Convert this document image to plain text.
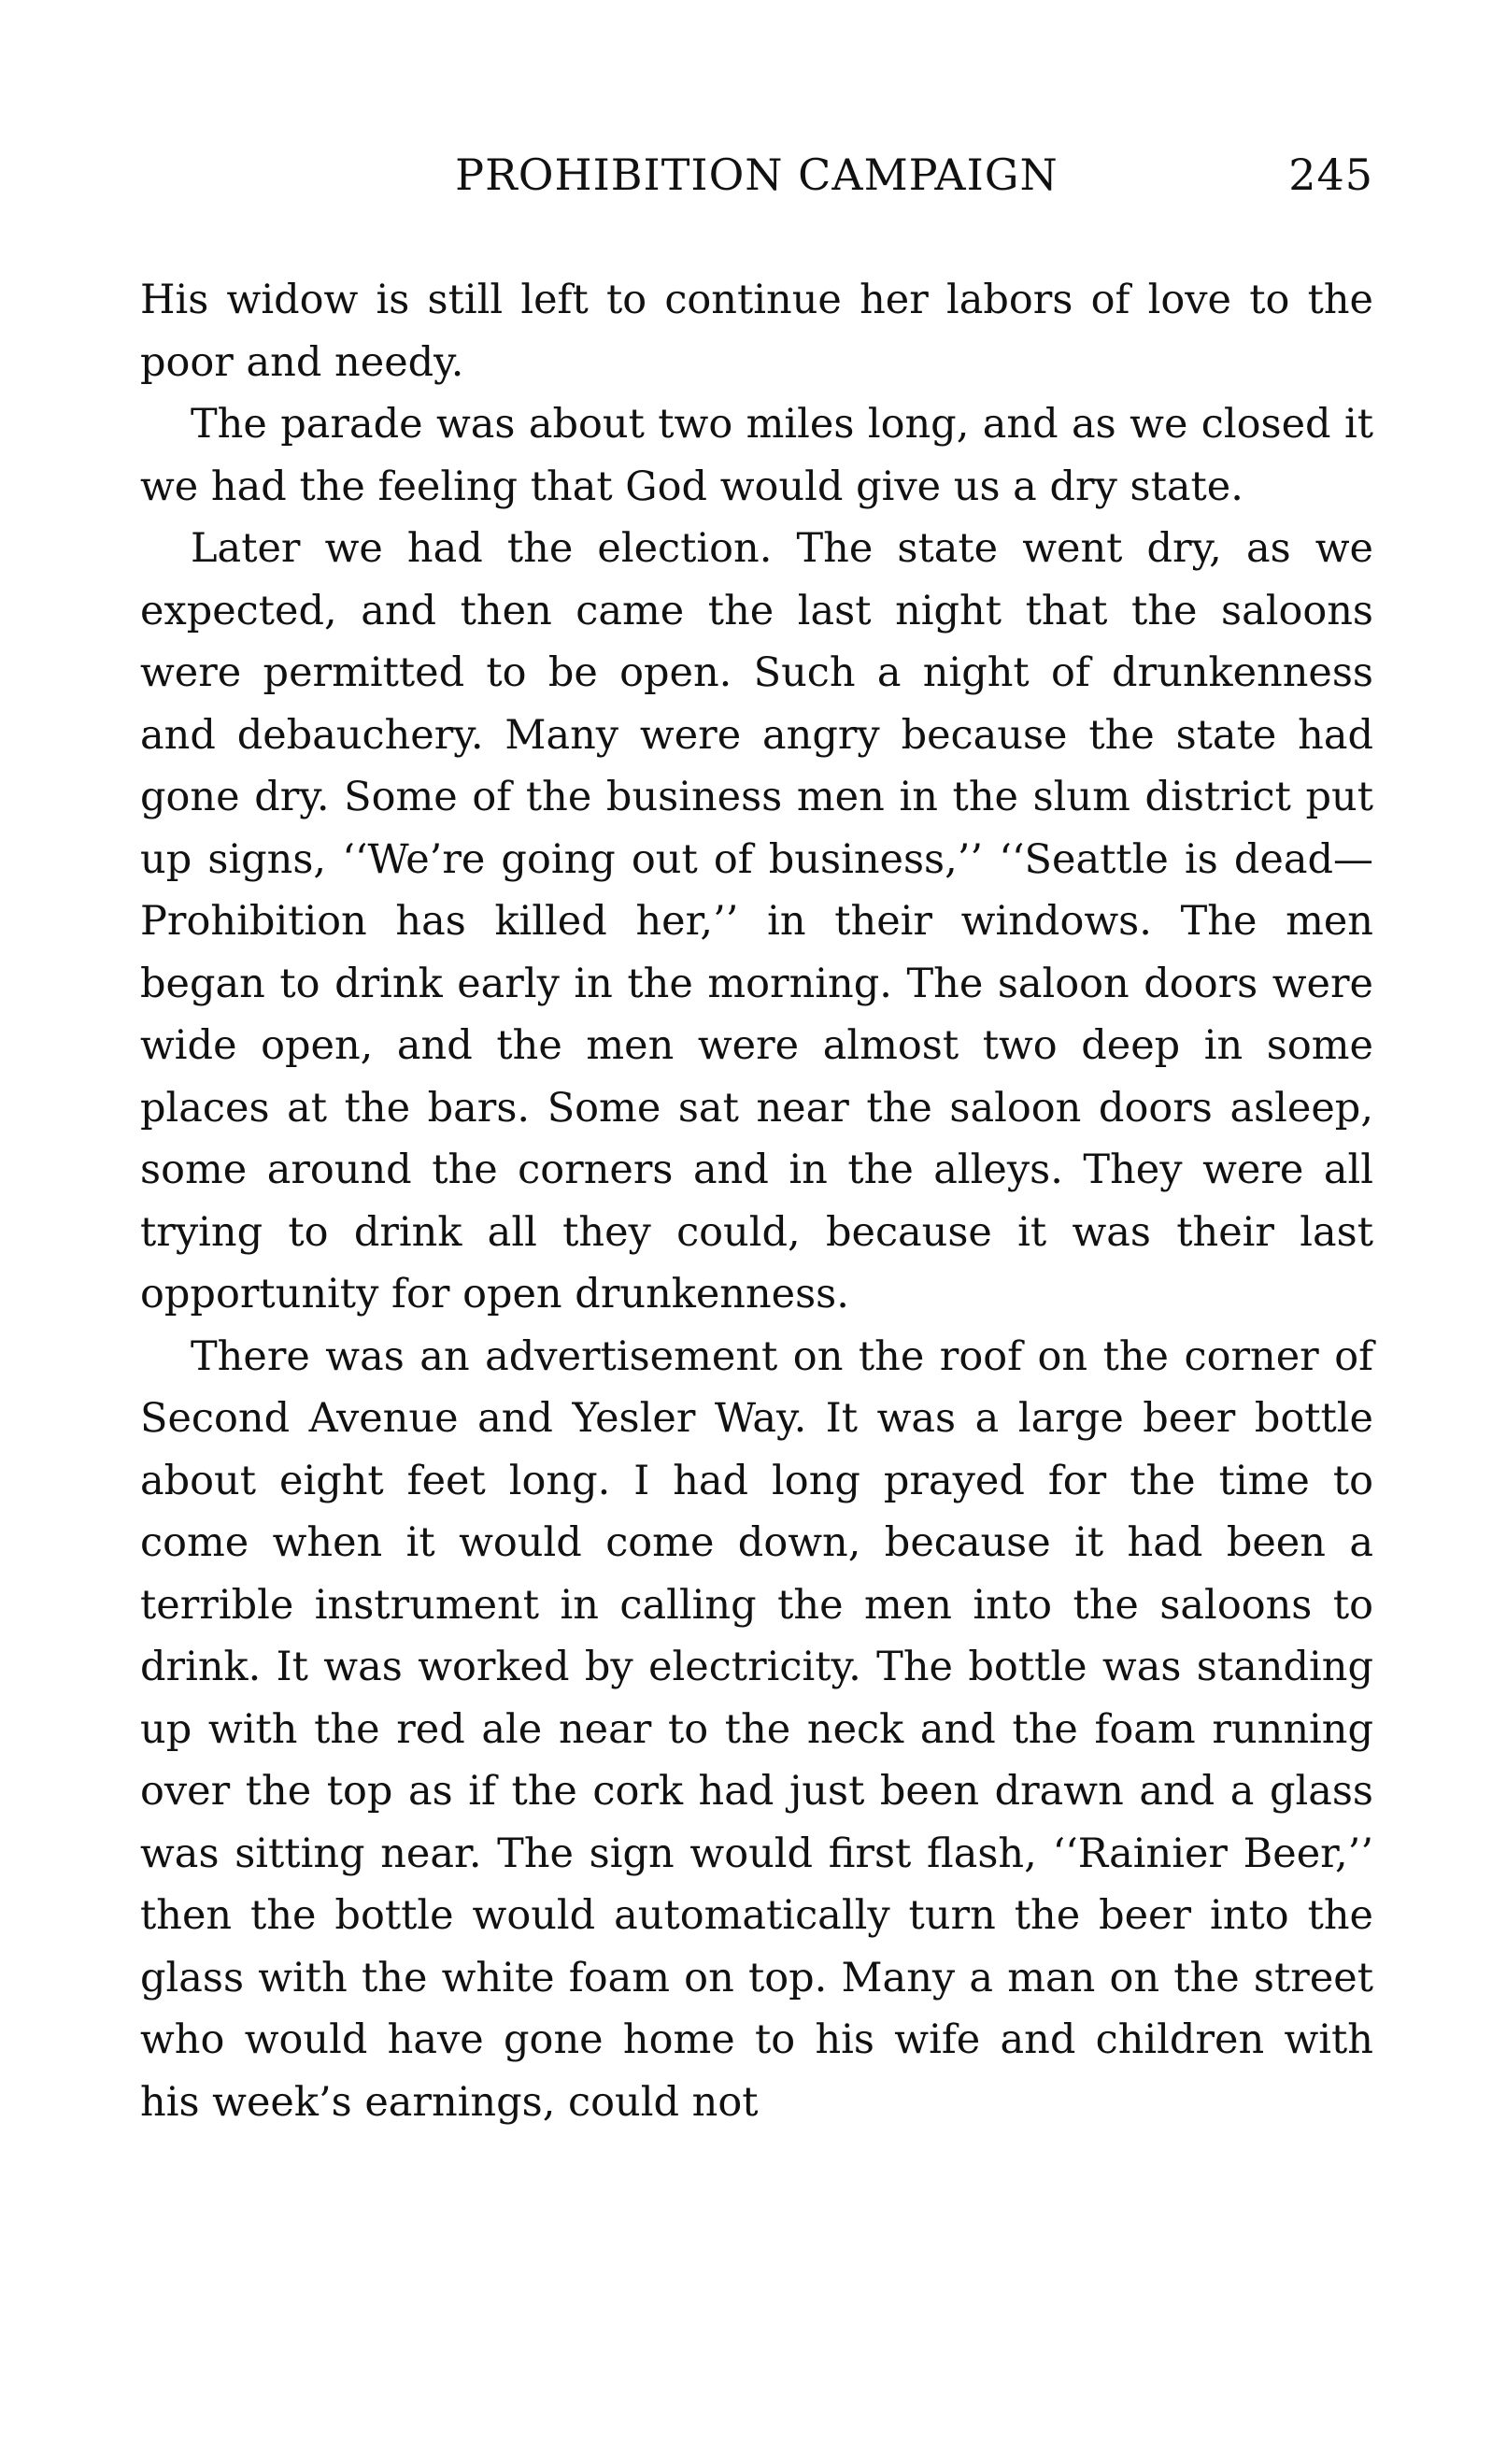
PROHIBITION CAMPAIGN	245

His widow is still left to continue her labors of love to the poor and needy.

The parade was about two miles long, and as we closed it we had the feeling that God would give us a dry state.

Later we had the election. The state went dry, as we expected, and then came the last night that the saloons were permitted to be open. Such a night of drunkenness and debauchery. Many were angry because the state had gone dry. Some of the business men in the slum district put up signs, ‘‘We’re going out of business,’’ ‘‘Seattle is dead—Prohibition has killed her,’’ in their windows. The men began to drink early in the morning. The saloon doors were wide open, and the men were almost two deep in some places at the bars. Some sat near the saloon doors asleep, some around the corners and in the alleys. They were all trying to drink all they could, because it was their last opportunity for open drunkenness.

There was an advertisement on the roof on the corner of Second Avenue and Yesler Way. It was a large beer bottle about eight feet long. I had long prayed for the time to come when it would come down, because it had been a terrible instrument in calling the men into the saloons to drink. It was worked by electricity. The bottle was standing up with the red ale near to the neck and the foam running over the top as if the cork had just been drawn and a glass was sitting near. The sign would first flash, ‘‘Rainier Beer,’’ then the bottle would automatically turn the beer into the glass with the white foam on top. Many a man on the street who would have gone home to his wife and children with his week’s earnings, could not
